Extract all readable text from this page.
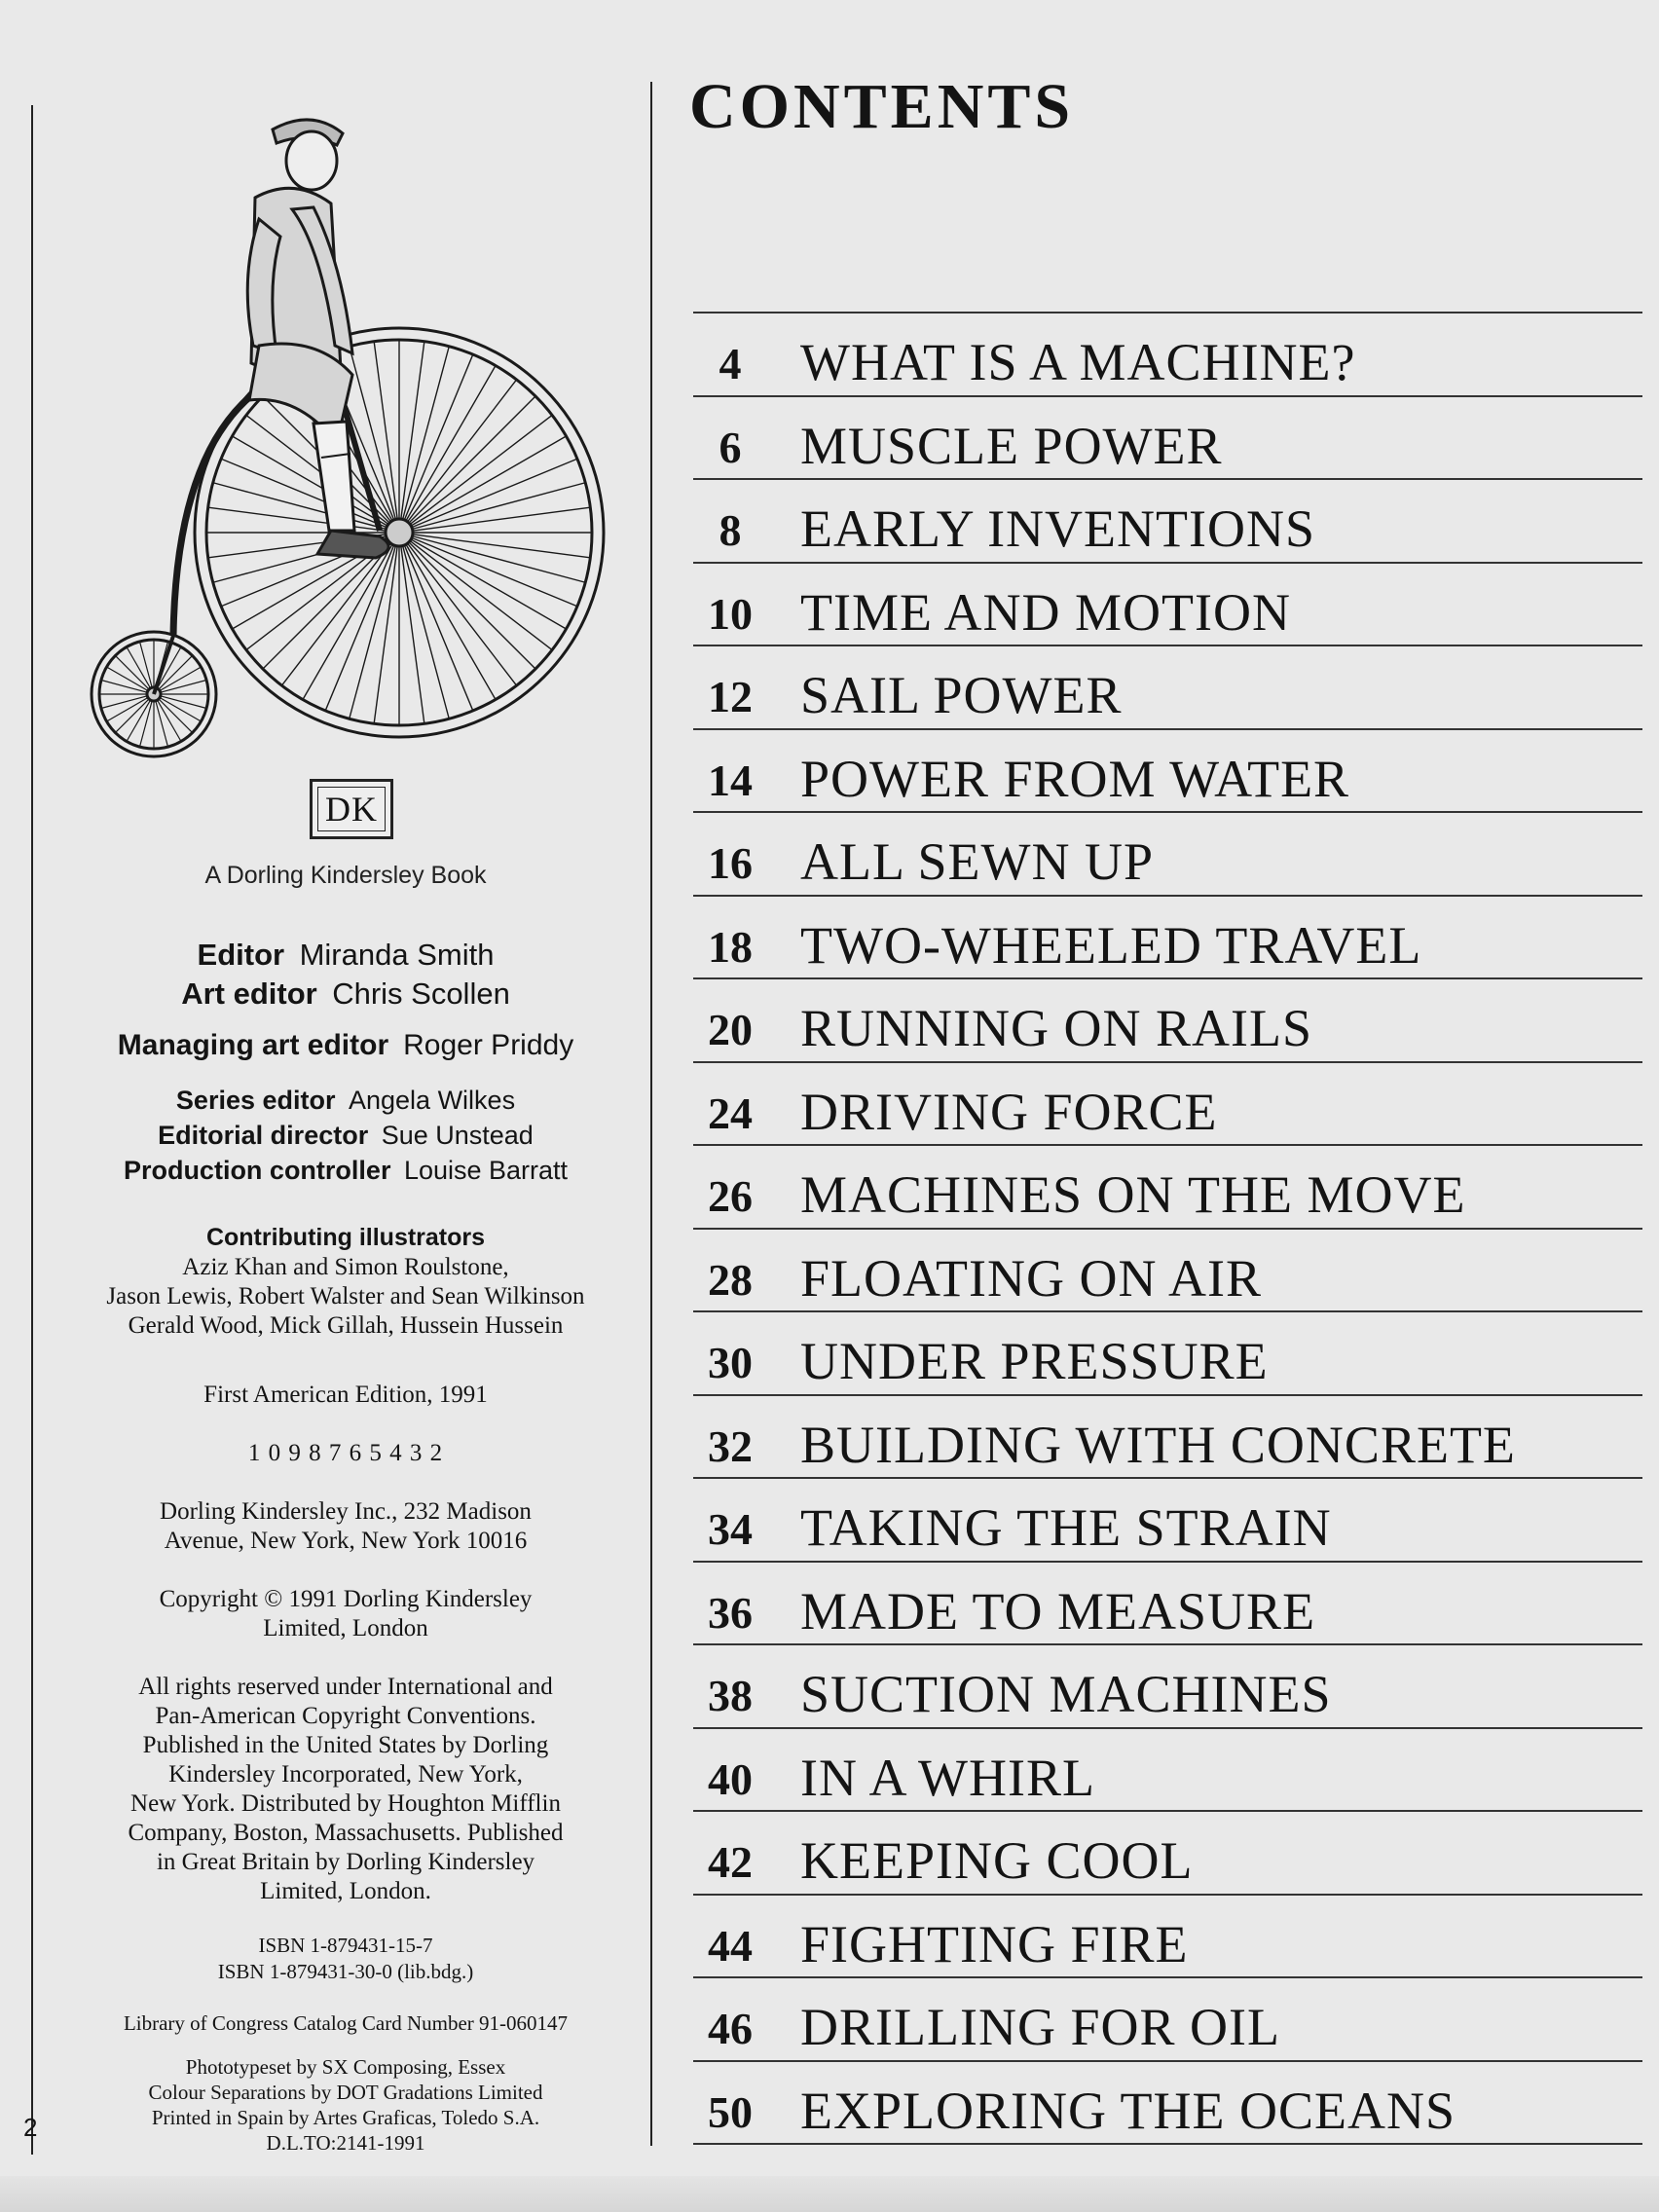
2
DK
A Dorling Kindersley Book
Editor Miranda Smith
Art editor Chris Scollen
Managing art editor Roger Priddy
Series editor Angela Wilkes
Editorial director Sue Unstead
Production controller Louise Barratt
Contributing illustrators
Aziz Khan and Simon Roulstone,
Jason Lewis, Robert Walster and Sean Wilkinson
Gerald Wood, Mick Gillah, Hussein Hussein
First American Edition, 1991
1 0 9 8 7 6 5 4 3 2
Dorling Kindersley Inc., 232 Madison
Avenue, New York, New York 10016
Copyright © 1991 Dorling Kindersley
Limited, London
All rights reserved under International and
Pan-American Copyright Conventions.
Published in the United States by Dorling
Kindersley Incorporated, New York,
New York. Distributed by Houghton Mifflin
Company, Boston, Massachusetts. Published
in Great Britain by Dorling Kindersley
Limited, London.
ISBN 1-879431-15-7
ISBN 1-879431-30-0 (lib.bdg.)
Library of Congress Catalog Card Number 91-060147
Phototypeset by SX Composing, Essex
Colour Separations by DOT Gradations Limited
Printed in Spain by Artes Graficas, Toledo S.A.
D.L.TO:2141-1991
CONTENTS
4	WHAT IS A MACHINE?
6	MUSCLE POWER
8	EARLY INVENTIONS
10 TIME AND MOTION
12 SAIL POWER
14 POWER FROM WATER
16 ALL SEWN UP
18 TWO-WHEELED TRAVEL
20 RUNNING ON RAILS
24 DRIVING FORCE
26 MACHINES ON THE MOVE
28 FLOATING ON AIR
30 UNDER PRESSURE
32 BUILDING WITH CONCRETE
34 TAKING THE STRAIN
36 MADE TO MEASURE
38 SUCTION MACHINES
40 IN A WHIRL
42 KEEPING COOL
44 FIGHTING FIRE
46 DRILLING FOR OIL
50 EXPLORING THE OCEANS
